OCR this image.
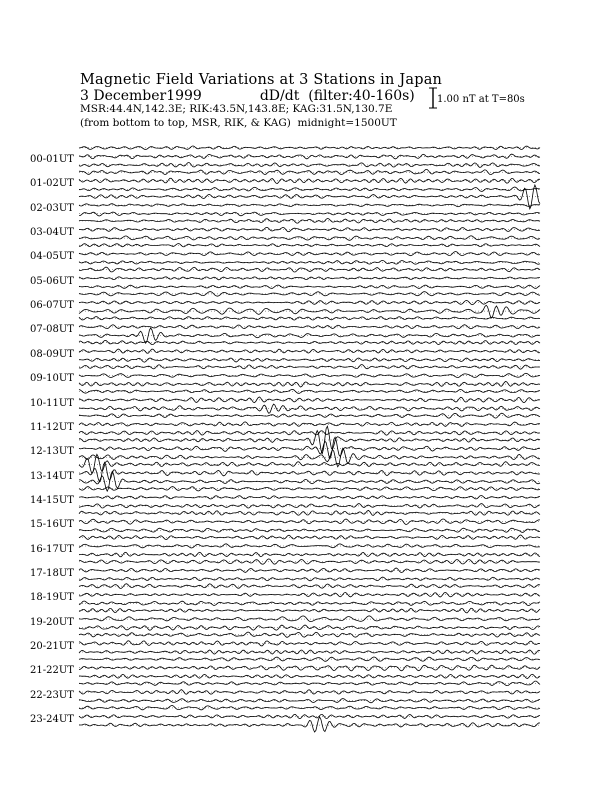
Magnetic Field Variations at 3 Stations in Japan
3 December1999	dD/dt (filter:40-160s)
MSR:44.4N,142.3E; RIK:43.5N,143.8E; KAG:31.5N,130.7E
(from bottom to top, MSR, RIK, & KAG) midnight=1500UT
1.00 nT at T=80s
00-01UT
01-02UT
02-03UT
03-04UT
04-05UT
05-06UT
06-07UT
07-08UT
08-09UT
09-10UT
10-11UT
11-12UT
12-13UT
13-14UT
14-15UT
15-16UT
16-17UT
17-18UT
18-19UT
19-20UT
20-21UT
21-22UT
22-23UT
23-24UT
